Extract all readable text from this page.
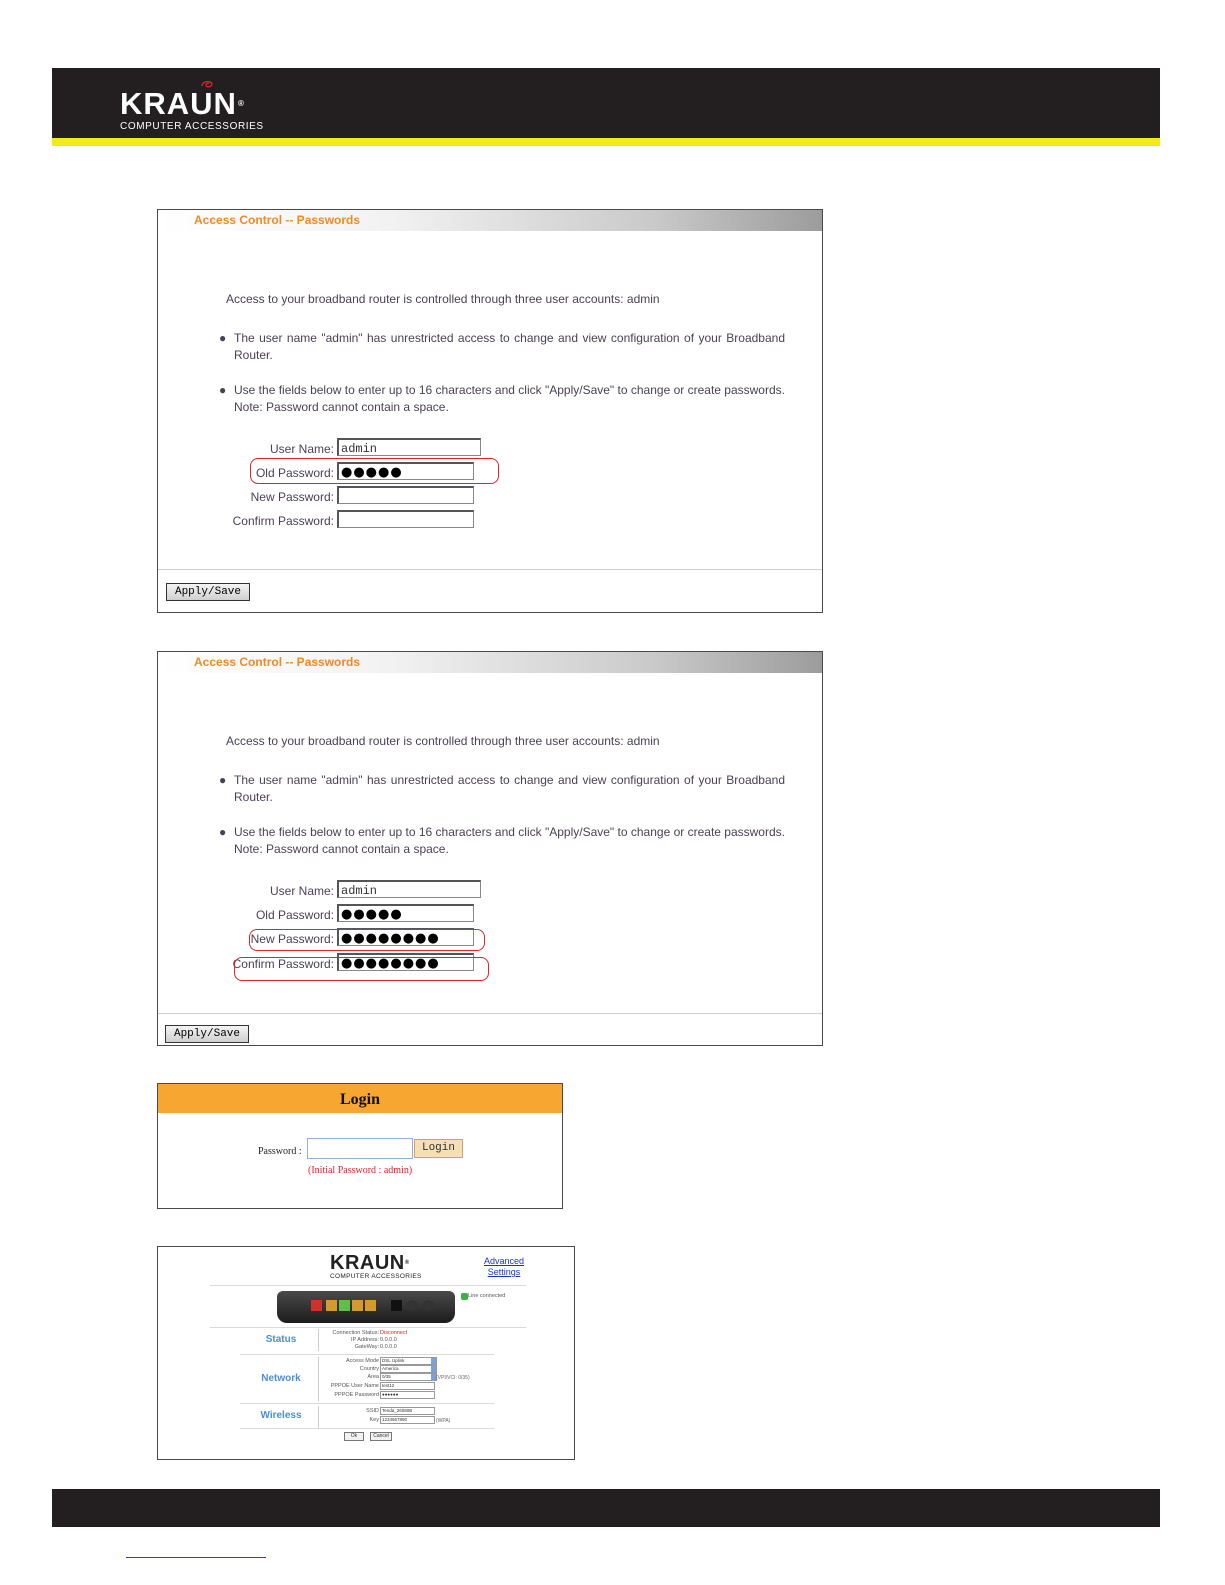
KRAUN®
COMPUTER ACCESSORIES
Access Control -- Passwords
Access to your broadband router is controlled through three user accounts: admin
● The user name "admin" has unrestricted access to change and view configuration of your Broadband Router.
● Use the fields below to enter up to 16 characters and click "Apply/Save" to change or create passwords. Note: Password cannot contain a space.
User Name: admin
Old Password: ●●●●●
New Password:
Confirm Password:
Apply/Save
Access Control -- Passwords
Access to your broadband router is controlled through three user accounts: admin
● The user name "admin" has unrestricted access to change and view configuration of your Broadband Router.
● Use the fields below to enter up to 16 characters and click "Apply/Save" to change or create passwords. Note: Password cannot contain a space.
User Name: admin
Old Password: ●●●●●
New Password: ●●●●●●●●
Confirm Password: ●●●●●●●●
Apply/Save
Login
Password :	Login
(Initial Password : admin)
KRAUN®
COMPUTER ACCESSORIES
Advanced Settings
Line connected
Status
Connection Status: Disconnect
IP Address: 0.0.0.0
GateWay: 0.0.0.0
Network
Access Mode DSL Uplink
Country America
Area 0/35	(VPI/VCI: 0/35)
PPPOE User Name test12
PPPOE Password ●●●●●●
Wireless	SSID Tenda_26080B
Key 1234567890	(WPA)
Ok	Cancel
